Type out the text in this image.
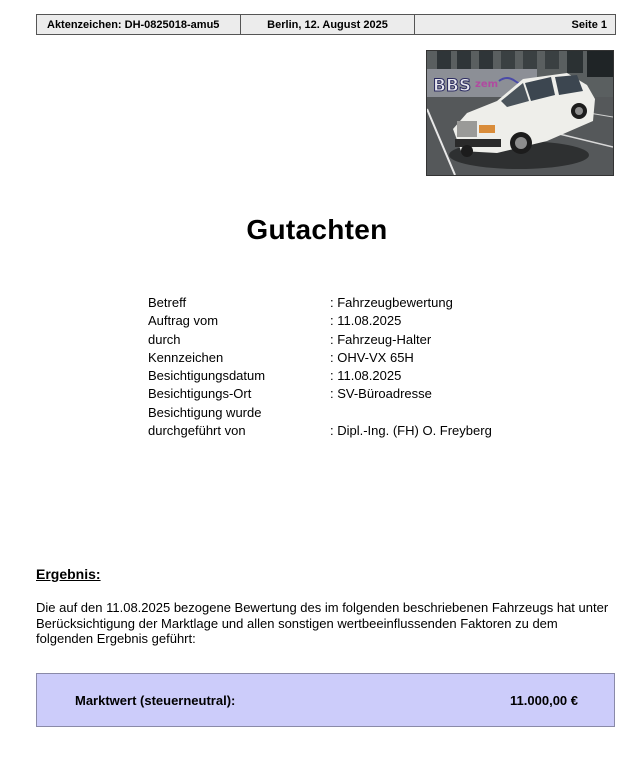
Aktenzeichen: DH-0825018-amu5	Berlin, 12. August 2025	Seite 1
BBS zem
Gutachten
Betreff	: Fahrzeugbewertung
Auftrag vom	: 11.08.2025
durch	: Fahrzeug-Halter
Kennzeichen	: OHV-VX 65H
Besichtigungsdatum	: 11.08.2025
Besichtigungs-Ort	: SV-Büroadresse
Besichtigung wurde
durchgeführt von	: Dipl.-Ing. (FH) O. Freyberg
Ergebnis:
Die auf den 11.08.2025 bezogene Bewertung des im folgenden beschriebenen Fahrzeugs hat unter Berücksichtigung der Marktlage und allen sonstigen wertbeeinflussenden Faktoren zu dem folgenden Ergebnis geführt:
Marktwert (steuerneutral):	11.000,00 €
